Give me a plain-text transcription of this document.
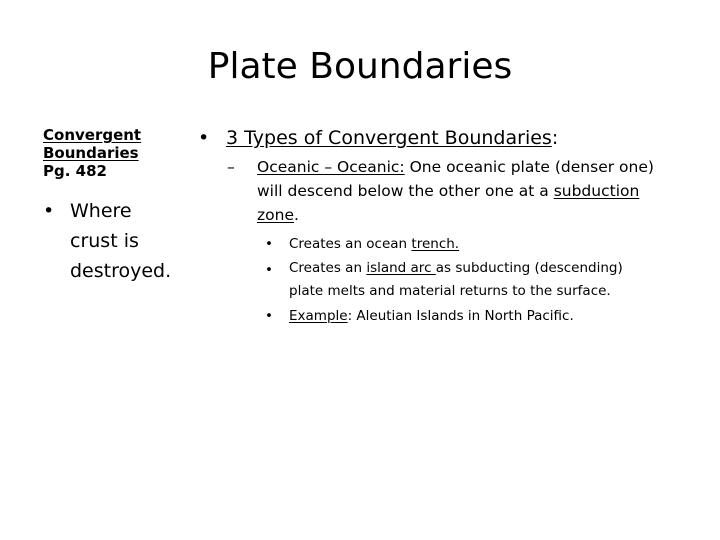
Plate Boundaries
Convergent
Boundaries
Pg. 482
• Where
crust is
destroyed.
• 3 Types of Convergent Boundaries:
– Oceanic – Oceanic: One oceanic plate (denser one)
will descend below the other one at a subduction
zone.
• Creates an ocean trench.
• Creates an island arc as subducting (descending)
plate melts and material returns to the surface.
• Example: Aleutian Islands in North Pacific.
